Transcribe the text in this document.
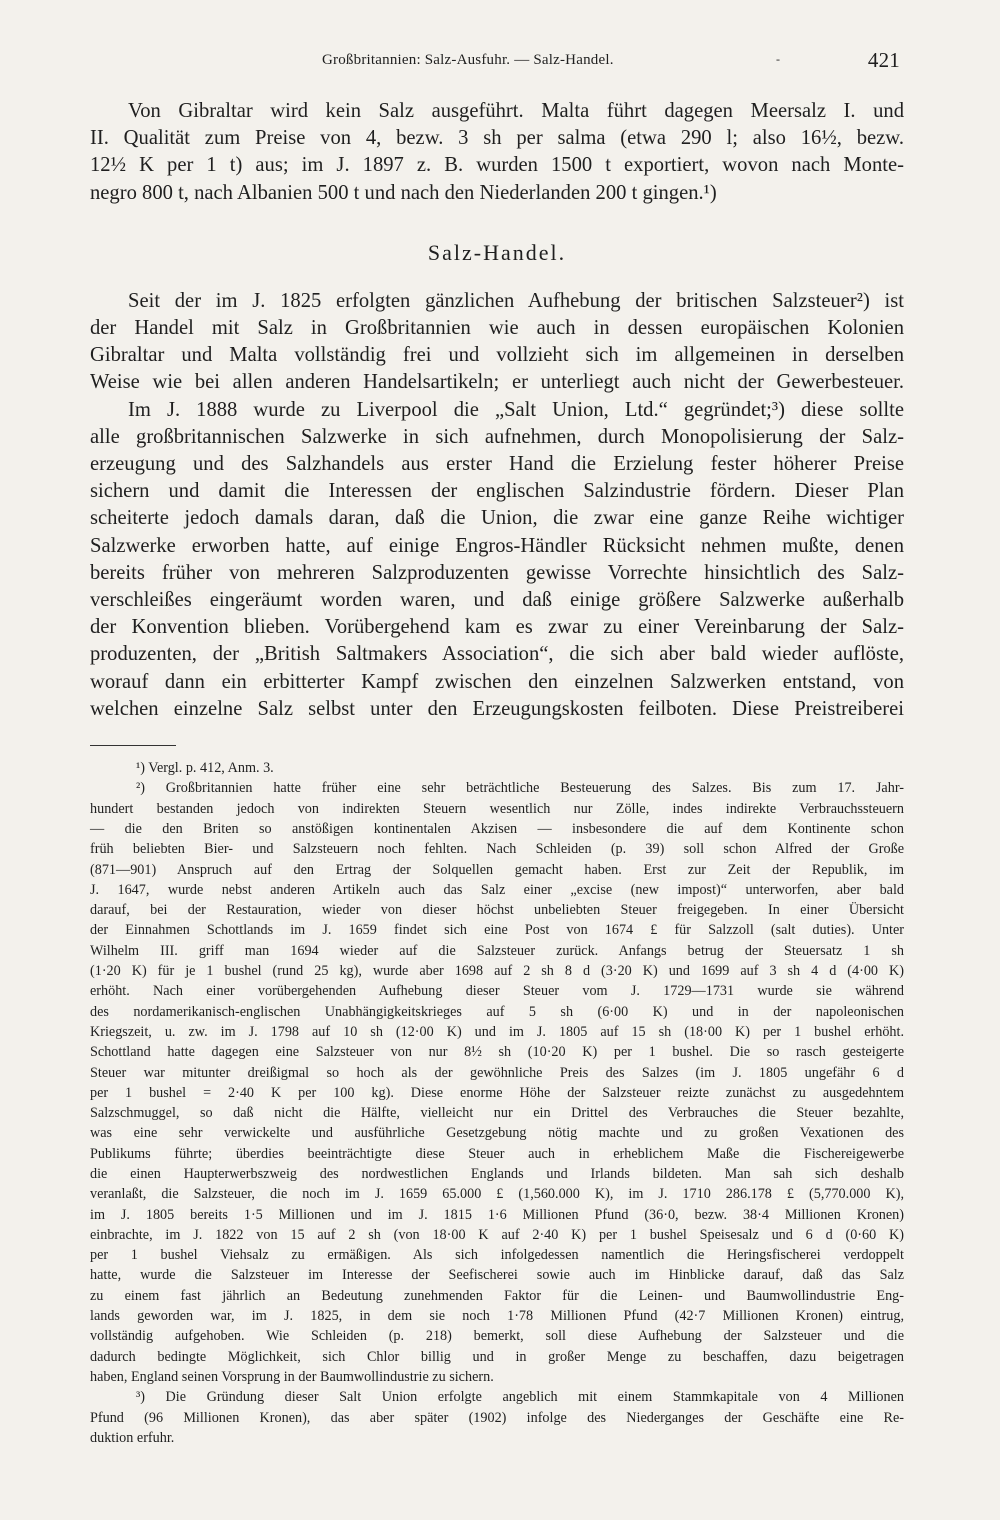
Großbritannien: Salz-Ausfuhr. — Salz-Handel.	-	421
Von Gibraltar wird kein Salz ausgeführt. Malta führt dagegen Meersalz I. und
II. Qualität zum Preise von 4, bezw. 3 sh per salma (etwa 290 l; also 16½, bezw.
12½ K per 1 t) aus; im J. 1897 z. B. wurden 1500 t exportiert, wovon nach Monte-
negro 800 t, nach Albanien 500 t und nach den Niederlanden 200 t gingen.¹)
Salz-Handel.
Seit der im J. 1825 erfolgten gänzlichen Aufhebung der britischen Salzsteuer²) ist
der Handel mit Salz in Großbritannien wie auch in dessen europäischen Kolonien
Gibraltar und Malta vollständig frei und vollzieht sich im allgemeinen in derselben
Weise wie bei allen anderen Handelsartikeln; er unterliegt auch nicht der Gewerbesteuer.
Im J. 1888 wurde zu Liverpool die „Salt Union, Ltd.“ gegründet;³) diese sollte
alle großbritannischen Salzwerke in sich aufnehmen, durch Monopolisierung der Salz-
erzeugung und des Salzhandels aus erster Hand die Erzielung fester höherer Preise
sichern und damit die Interessen der englischen Salzindustrie fördern. Dieser Plan
scheiterte jedoch damals daran, daß die Union, die zwar eine ganze Reihe wichtiger
Salzwerke erworben hatte, auf einige Engros-Händler Rücksicht nehmen mußte, denen
bereits früher von mehreren Salzproduzenten gewisse Vorrechte hinsichtlich des Salz-
verschleißes eingeräumt worden waren, und daß einige größere Salzwerke außerhalb
der Konvention blieben. Vorübergehend kam es zwar zu einer Vereinbarung der Salz-
produzenten, der „British Saltmakers Association“, die sich aber bald wieder auflöste,
worauf dann ein erbitterter Kampf zwischen den einzelnen Salzwerken entstand, von
welchen einzelne Salz selbst unter den Erzeugungskosten feilboten. Diese Preistreiberei
¹) Vergl. p. 412, Anm. 3.
²) Großbritannien hatte früher eine sehr beträchtliche Besteuerung des Salzes. Bis zum 17. Jahr-
hundert bestanden jedoch von indirekten Steuern wesentlich nur Zölle, indes indirekte Verbrauchssteuern
— die den Briten so anstößigen kontinentalen Akzisen — insbesondere die auf dem Kontinente schon
früh beliebten Bier- und Salzsteuern noch fehlten. Nach Schleiden (p. 39) soll schon Alfred der Große
(871—901) Anspruch auf den Ertrag der Solquellen gemacht haben. Erst zur Zeit der Republik, im
J. 1647, wurde nebst anderen Artikeln auch das Salz einer „excise (new impost)“ unterworfen, aber bald
darauf, bei der Restauration, wieder von dieser höchst unbeliebten Steuer freigegeben. In einer Übersicht
der Einnahmen Schottlands im J. 1659 findet sich eine Post von 1674 £ für Salzzoll (salt duties). Unter
Wilhelm III. griff man 1694 wieder auf die Salzsteuer zurück. Anfangs betrug der Steuersatz 1 sh
(1·20 K) für je 1 bushel (rund 25 kg), wurde aber 1698 auf 2 sh 8 d (3·20 K) und 1699 auf 3 sh 4 d (4·00 K)
erhöht. Nach einer vorübergehenden Aufhebung dieser Steuer vom J. 1729—1731 wurde sie während
des nordamerikanisch-englischen Unabhängigkeitskrieges auf 5 sh (6·00 K) und in der napoleonischen
Kriegszeit, u. zw. im J. 1798 auf 10 sh (12·00 K) und im J. 1805 auf 15 sh (18·00 K) per 1 bushel erhöht.
Schottland hatte dagegen eine Salzsteuer von nur 8½ sh (10·20 K) per 1 bushel. Die so rasch gesteigerte
Steuer war mitunter dreißigmal so hoch als der gewöhnliche Preis des Salzes (im J. 1805 ungefähr 6 d
per 1 bushel = 2·40 K per 100 kg). Diese enorme Höhe der Salzsteuer reizte zunächst zu ausgedehntem
Salzschmuggel, so daß nicht die Hälfte, vielleicht nur ein Drittel des Verbrauches die Steuer bezahlte,
was eine sehr verwickelte und ausführliche Gesetzgebung nötig machte und zu großen Vexationen des
Publikums führte; überdies beeinträchtigte diese Steuer auch in erheblichem Maße die Fischereigewerbe
die einen Haupterwerbszweig des nordwestlichen Englands und Irlands bildeten. Man sah sich deshalb
veranlaßt, die Salzsteuer, die noch im J. 1659 65.000 £ (1,560.000 K), im J. 1710 286.178 £ (5,770.000 K),
im J. 1805 bereits 1·5 Millionen und im J. 1815 1·6 Millionen Pfund (36·0, bezw. 38·4 Millionen Kronen)
einbrachte, im J. 1822 von 15 auf 2 sh (von 18·00 K auf 2·40 K) per 1 bushel Speisesalz und 6 d (0·60 K)
per 1 bushel Viehsalz zu ermäßigen. Als sich infolgedessen namentlich die Heringsfischerei verdoppelt
hatte, wurde die Salzsteuer im Interesse der Seefischerei sowie auch im Hinblicke darauf, daß das Salz
zu einem fast jährlich an Bedeutung zunehmenden Faktor für die Leinen- und Baumwollindustrie Eng-
lands geworden war, im J. 1825, in dem sie noch 1·78 Millionen Pfund (42·7 Millionen Kronen) eintrug,
vollständig aufgehoben. Wie Schleiden (p. 218) bemerkt, soll diese Aufhebung der Salzsteuer und die
dadurch bedingte Möglichkeit, sich Chlor billig und in großer Menge zu beschaffen, dazu beigetragen
haben, England seinen Vorsprung in der Baumwollindustrie zu sichern.
³) Die Gründung dieser Salt Union erfolgte angeblich mit einem Stammkapitale von 4 Millionen
Pfund (96 Millionen Kronen), das aber später (1902) infolge des Niederganges der Geschäfte eine Re-
duktion erfuhr.
